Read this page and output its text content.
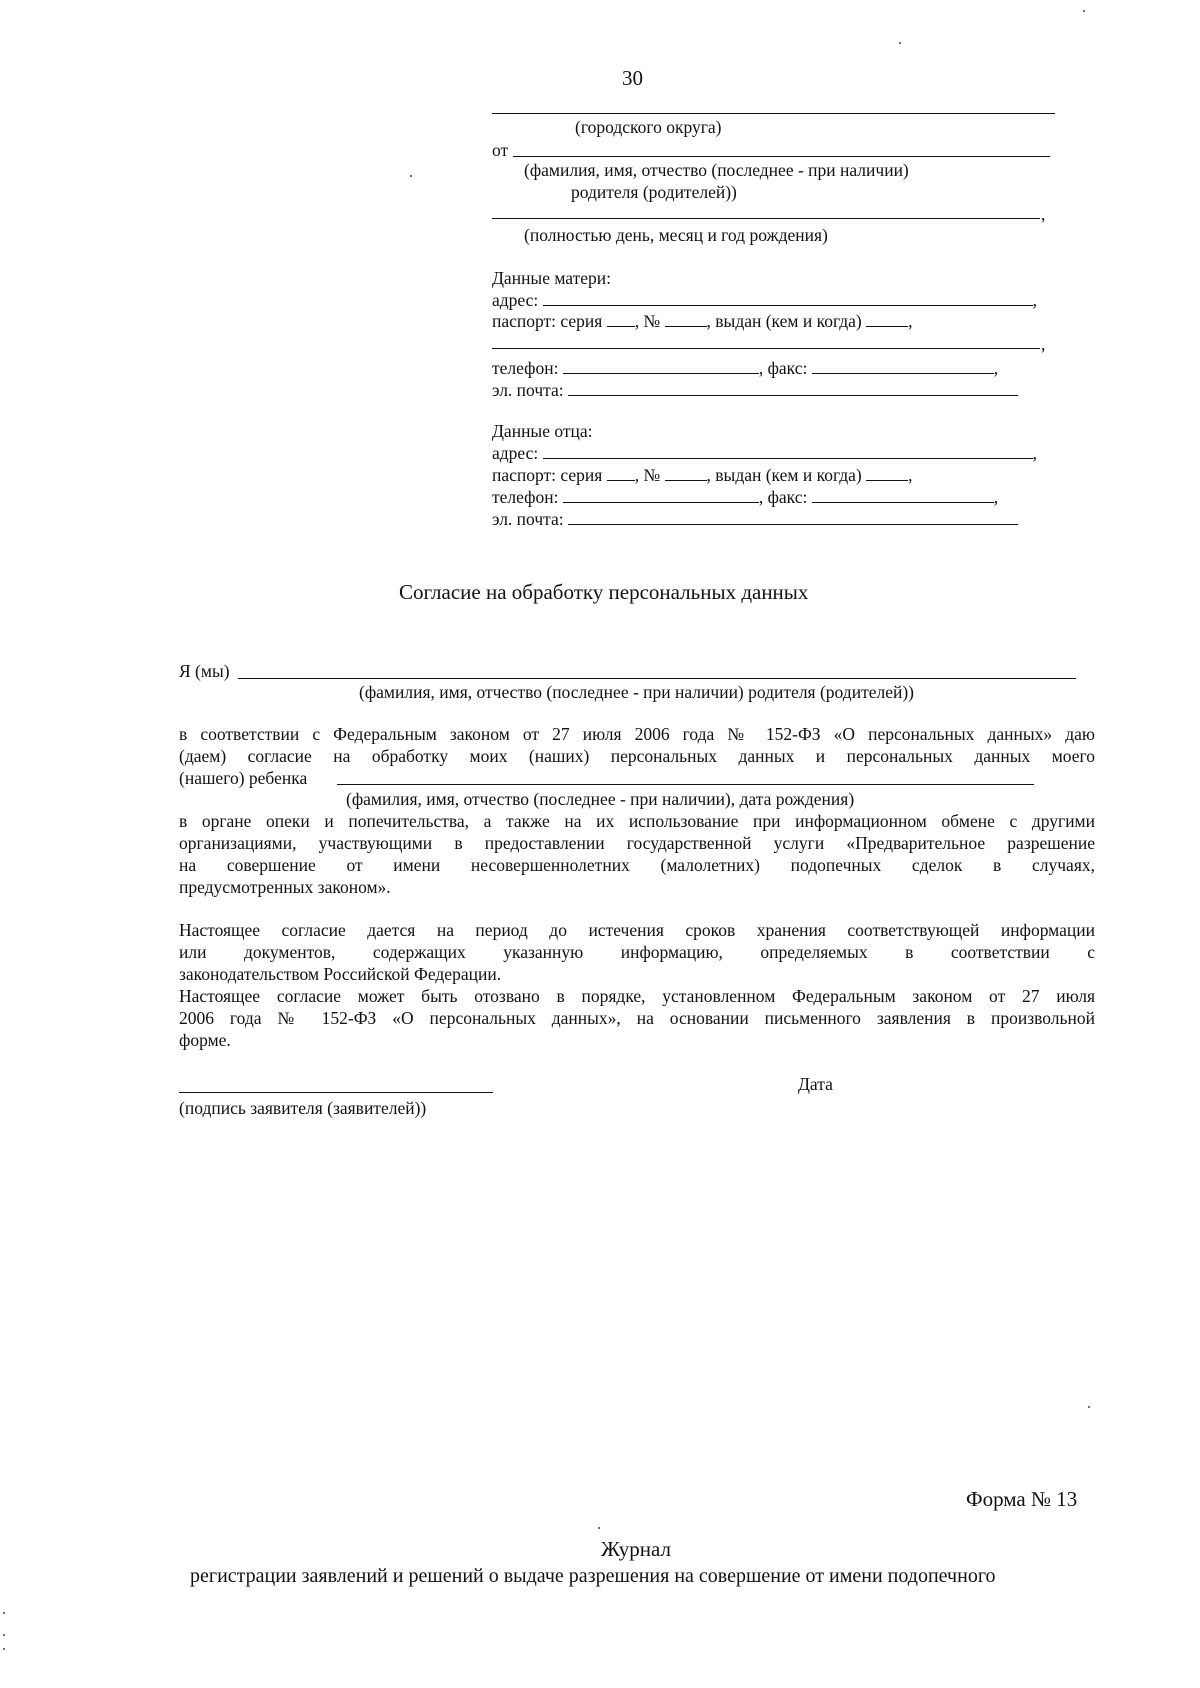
30
(городского округа)
от
(фамилия, имя, отчество (последнее - при наличии)
родителя (родителей))
,
(полностью день, месяц и год рождения)
Данные матери:
адрес:	,
паспорт: серия , №	, выдан (кем и когда)	,
,
телефон:	, факс:	,
эл. почта:
Данные отца:
адрес:	,
паспорт: серия , №	, выдан (кем и когда)	,
телефон:	, факс:	,
эл. почта:
Согласие на обработку персональных данных
Я (мы)
(фамилия, имя, отчество (последнее - при наличии) родителя (родителей))
в соответствии с Федеральным законом от 27 июля 2006 года № 152-ФЗ «О персональных данных» даю
(даем) согласие на обработку моих (наших) персональных данных и персональных данных моего
(нашего) ребенка
(фамилия, имя, отчество (последнее - при наличии), дата рождения)
в органе опеки и попечительства, а также на их использование при информационном обмене с другими
организациями, участвующими в предоставлении государственной услуги «Предварительное разрешение
на совершение от имени несовершеннолетних (малолетних) подопечных сделок в случаях,
предусмотренных законом».
Настоящее согласие дается на период до истечения сроков хранения соответствующей информации
или документов, содержащих указанную информацию, определяемых в соответствии с
законодательством Российской Федерации.
Настоящее согласие может быть отозвано в порядке, установленном Федеральным законом от 27 июля
2006 года № 152-ФЗ «О персональных данных», на основании письменного заявления в произвольной
форме.
(подпись заявителя (заявителей))
Дата
Форма № 13
Журнал
регистрации заявлений и решений о выдаче разрешения на совершение от имени подопечного
